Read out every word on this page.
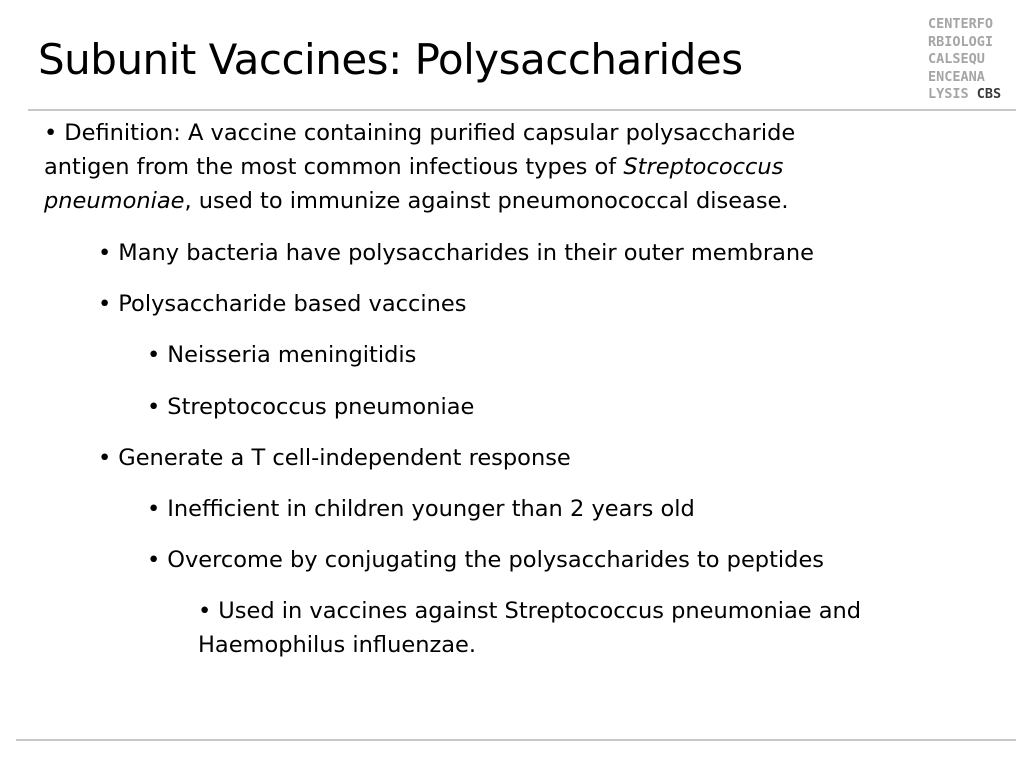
Subunit Vaccines: Polysaccharides
CENTERFO
RBIOLOGI
CALSEQU
ENCEANA
LYSIS CBS
• Definition: A vaccine containing purified capsular polysaccharide
antigen from the most common infectious types of Streptococcus
pneumoniae, used to immunize against pneumonococcal disease.
• Many bacteria have polysaccharides in their outer membrane
• Polysaccharide based vaccines
• Neisseria meningitidis
• Streptococcus pneumoniae
• Generate a T cell-independent response
• Inefficient in children younger than 2 years old
• Overcome by conjugating the polysaccharides to peptides
• Used in vaccines against Streptococcus pneumoniae and
Haemophilus influenzae.
